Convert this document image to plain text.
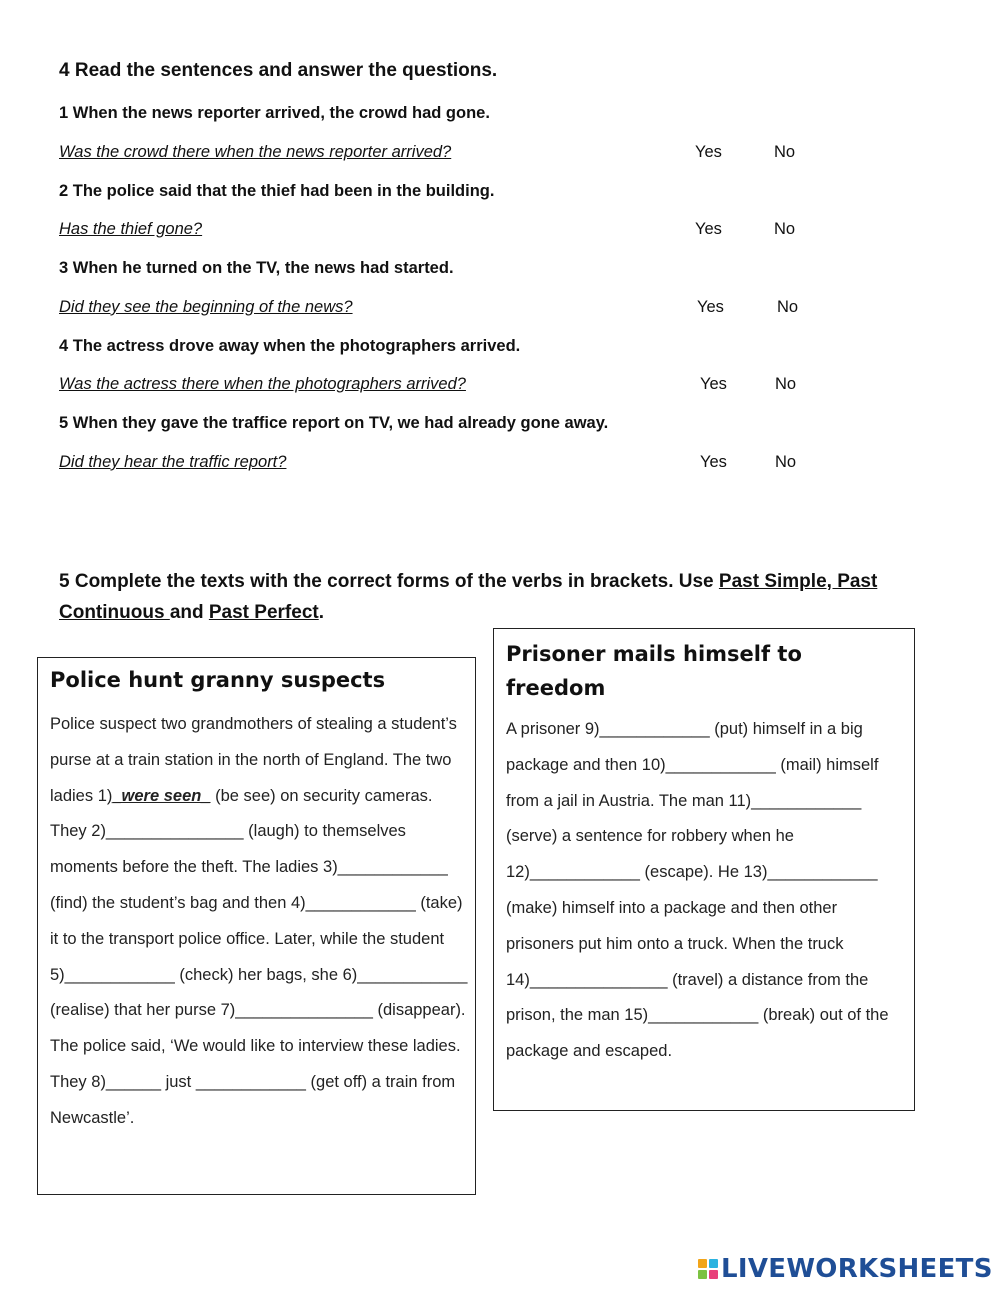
4 Read the sentences and answer the questions.
1 When the news reporter arrived, the crowd had gone.
Was the crowd there when the news reporter arrived?	Yes	No
2 The police said that the thief had been in the building.
Has the thief gone?	Yes	No
3 When he turned on the TV, the news had started.
Did they see the beginning of the news?	Yes	No
4 The actress drove away when the photographers arrived.
Was the actress there when the photographers arrived?	Yes	No
5 When they gave the traffice report on TV, we had already gone away.
Did they hear the traffic report?	Yes	No
5 Complete the texts with the correct forms of the verbs in brackets. Use Past Simple, Past Continuous and Past Perfect.
Police hunt granny suspects
Police suspect two grandmothers of stealing a student’s purse at a train station in the north of England. The two ladies 1)_were seen_ (be see) on security cameras. They 2)_______________ (laugh) to themselves moments before the theft. The ladies 3)____________ (find) the student’s bag and then 4)____________ (take) it to the transport police office. Later, while the student 5)____________ (check) her bags, she 6)____________ (realise) that her purse 7)_______________ (disappear). The police said, ‘We would like to interview these ladies. They 8)______ just ____________ (get off) a train from Newcastle’.
Prisoner mails himself to freedom
A prisoner 9)____________ (put) himself in a big package and then 10)____________ (mail) himself from a jail in Austria. The man 11)____________ (serve) a sentence for robbery when he 12)____________ (escape). He 13)____________ (make) himself into a package and then other prisoners put him onto a truck. When the truck 14)_______________ (travel) a distance from the prison, the man 15)____________ (break) out of the package and escaped.
LIVEWORKSHEETS
